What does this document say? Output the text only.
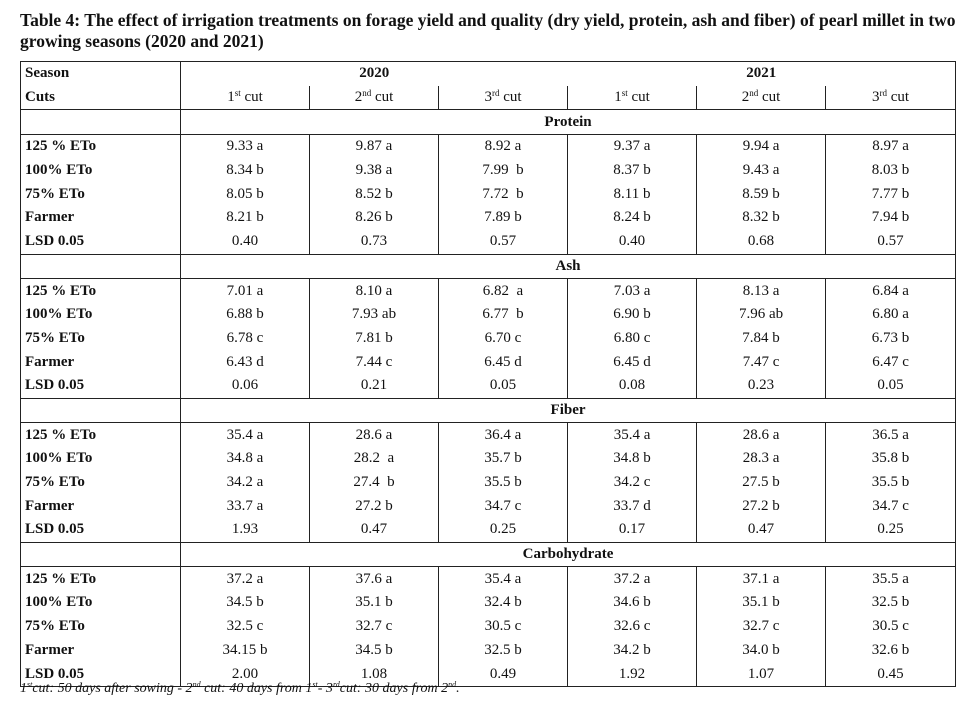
Table 4: The effect of irrigation treatments on forage yield and quality (dry yield, protein, ash and fiber) of pearl millet in two growing seasons (2020 and 2021)
Season	2020			2021		
Cuts	1st cut	2nd cut	3rd cut	1st cut	2nd cut	3rd cut
	Protein					
125 % ETo	9.33 a	9.87 a	8.92 a	9.37 a	9.94 a	8.97 a
100% ETo	8.34 b	9.38 a	7.99  b	8.37 b	9.43 a	8.03 b
75% ETo	8.05 b	8.52 b	7.72  b	8.11 b	8.59 b	7.77 b
Farmer	8.21 b	8.26 b	7.89 b	8.24 b	8.32 b	7.94 b
LSD 0.05	0.40	0.73	0.57	0.40	0.68	0.57
	Ash					
125 % ETo	7.01 a	8.10 a	6.82  a	7.03 a	8.13 a	6.84 a
100% ETo	6.88 b	7.93 ab	6.77  b	6.90 b	7.96 ab	6.80 a
75% ETo	6.78 c	7.81 b	6.70 c	6.80 c	7.84 b	6.73 b
Farmer	6.43 d	7.44 c	6.45 d	6.45 d	7.47 c	6.47 c
LSD 0.05	0.06	0.21	0.05	0.08	0.23	0.05
	Fiber					
125 % ETo	35.4 a	28.6 a	36.4 a	35.4 a	28.6 a	36.5 a
100% ETo	34.8 a	28.2  a	35.7 b	34.8 b	28.3 a	35.8 b
75% ETo	34.2 a	27.4  b	35.5 b	34.2 c	27.5 b	35.5 b
Farmer	33.7 a	27.2 b	34.7 c	33.7 d	27.2 b	34.7 c
LSD 0.05	1.93	0.47	0.25	0.17	0.47	0.25
	Carbohydrate					
125 % ETo	37.2 a	37.6 a	35.4 a	37.2 a	37.1 a	35.5 a
100% ETo	34.5 b	35.1 b	32.4 b	34.6 b	35.1 b	32.5 b
75% ETo	32.5 c	32.7 c	30.5 c	32.6 c	32.7 c	30.5 c
Farmer	34.15 b	34.5 b	32.5 b	34.2 b	34.0 b	32.6 b
LSD 0.05	2.00	1.08	0.49	1.92	1.07	0.45
1stcut: 50 days after sowing - 2nd cut: 40 days from 1st- 3rdcut: 30 days from 2nd.
